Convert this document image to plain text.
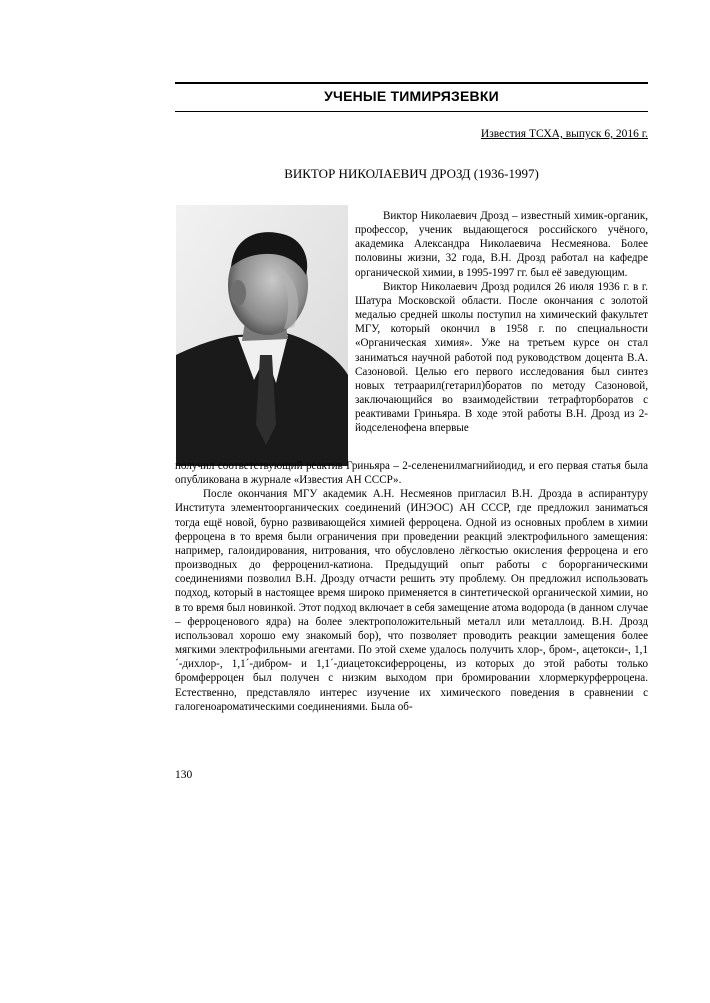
УЧЕНЫЕ ТИМИРЯЗЕВКИ
Известия ТСХА, выпуск 6, 2016 г.
ВИКТОР НИКОЛАЕВИЧ ДРОЗД (1936-1997)

Виктор Николаевич Дрозд – известный химик-органик, профессор, ученик выдающегося российского учёного, академика Александра Николаевича Несмеянова. Более половины жизни, 32 года, В.Н. Дрозд работал на кафедре органической химии, в 1995-1997 гг. был её заведующим.

Виктор Николаевич Дрозд родился 26 июля 1936 г. в г. Шатура Московской области. После окончания с золотой медалью средней школы поступил на химический факультет МГУ, который окончил в 1958 г. по специальности «Органическая химия». Уже на третьем курсе он стал заниматься научной работой под руководством доцента В.А. Сазоновой. Целью его первого исследования был синтез новых тетраарил(гетарил)боратов по методу Сазоновой, заключающийся во взаимодействии тетрафторборатов с реактивами Гриньяра. В ходе этой работы В.Н. Дрозд из 2-йодселенофена впервые

получил соответствующий реактив Гриньяра – 2-селененилмагнийиодид, и его первая статья была опубликована в журнале «Известия АН СССР».

После окончания МГУ академик А.Н. Несмеянов пригласил В.Н. Дрозда в аспирантуру Института элементоорганических соединений (ИНЭОС) АН СССР, где предложил заниматься тогда ещё новой, бурно развивающейся химией ферроцена. Одной из основных проблем в химии ферроцена в то время были ограничения при проведении реакций электрофильного замещения: например, галоидирования, нитрования, что обусловлено лёгкостью окисления ферроцена и его производных до ферроценил-катиона. Предыдущий опыт работы с борорганическими соединениями позволил В.Н. Дрозду отчасти решить эту проблему. Он предложил использовать подход, который в настоящее время широко применяется в синтетической органической химии, но в то время был новинкой. Этот подход включает в себя замещение атома водорода (в данном случае – ферроценового ядра) на более электроположительный металл или металлоид. В.Н. Дрозд использовал хорошо ему знакомый бор), что позволяет проводить реакции замещения более мягкими электрофильными агентами. По этой схеме удалось получить хлор-, бром-, ацетокси-, 1,1´-дихлор-, 1,1´-дибром- и 1,1´-диацетоксиферроцены, из которых до этой работы только бромферроцен был получен с низким выходом при бромировании хлормеркурферроцена. Естественно, представляло интерес изучение их химического поведения в сравнении с галогеноароматическими соединениями. Была об-

130
